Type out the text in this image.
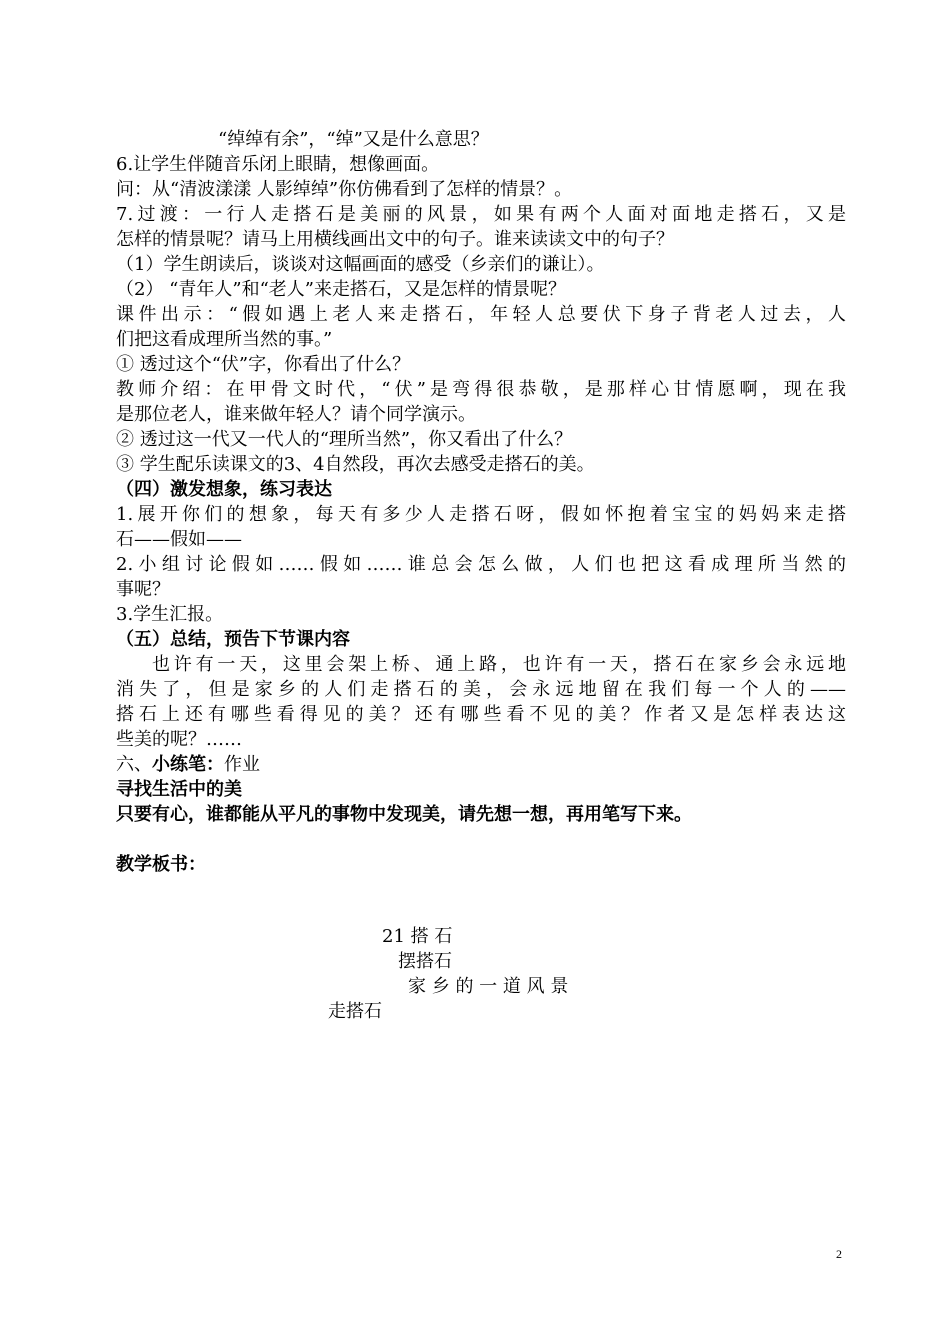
“绰绰有余”，“绰”又是什么意思？
6.让学生伴随音乐闭上眼睛，想像画面。
问：从“清波漾漾 人影绰绰”你仿佛看到了怎样的情景？。
7.过渡：一行人走搭石是美丽的风景，如果有两个人面对面地走搭石，又是
怎样的情景呢？请马上用横线画出文中的句子。谁来读读文中的句子？
（1）学生朗读后，谈谈对这幅画面的感受（乡亲们的谦让）。
（2） “青年人”和“老人”来走搭石，又是怎样的情景呢？
课件出示：“假如遇上老人来走搭石，年轻人总要伏下身子背老人过去，人
们把这看成理所当然的事。”
① 透过这个“伏”字，你看出了什么？
教师介绍：在甲骨文时代，“伏”是弯得很恭敬，是那样心甘情愿啊，现在我
是那位老人，谁来做年轻人？请个同学演示。
② 透过这一代又一代人的“理所当然”，你又看出了什么？
③ 学生配乐读课文的3、4自然段，再次去感受走搭石的美。
（四）激发想象，练习表达
1.展开你们的想象，每天有多少人走搭石呀，假如怀抱着宝宝的妈妈来走搭
石——假如——
2.小组讨论假如……假如……谁总会怎么做，人们也把这看成理所当然的
事呢？
3.学生汇报。
（五）总结，预告下节课内容
也许有一天，这里会架上桥、通上路，也许有一天，搭石在家乡会永远地
消失了，但是家乡的人们走搭石的美，会永远地留在我们每一个人的——
搭石上还有哪些看得见的美？还有哪些看不见的美？作者又是怎样表达这
些美的呢？……
六、小练笔：作业
寻找生活中的美
只要有心，谁都能从平凡的事物中发现美，请先想一想，再用笔写下来。
教学板书：
21 搭 石
摆搭石
家 乡 的 一 道 风 景
走搭石
2
